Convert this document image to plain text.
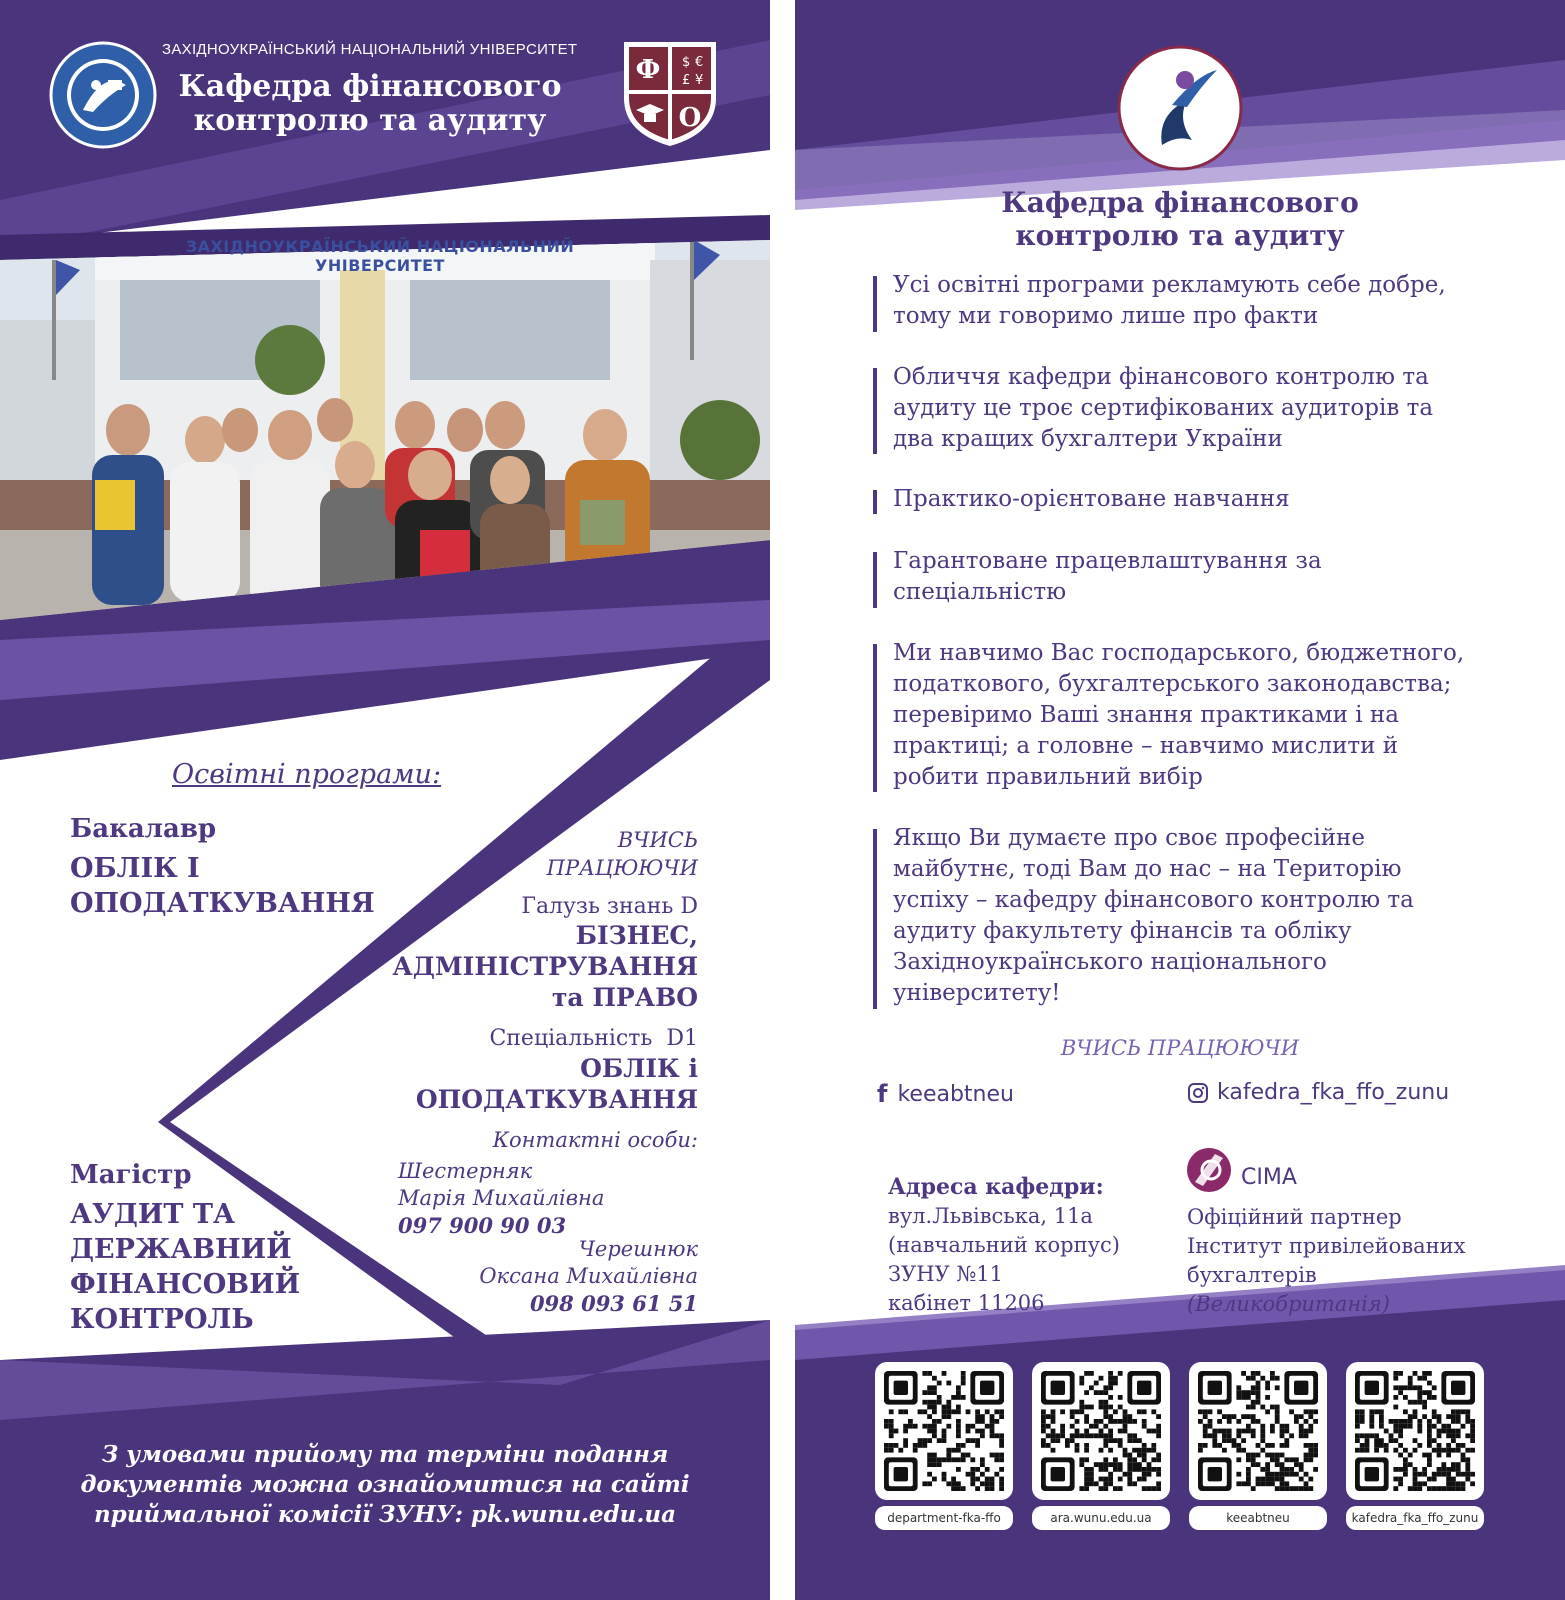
ЗАХІДНОУКРАЇНСЬКИЙ НАЦІОНАЛЬНИЙ УНІВЕРСИТЕТ
ЗАХІДНОУКРАЇНСЬКИЙ НАЦІОНАЛЬНИЙ УНІВЕРСИТЕТ
Кафедра фінансового
контролю та аудиту
Ф
О
$ €
£ ¥
Освітні програми:
Бакалавр
ОБЛІК І
ОПОДАТКУВАННЯ
Магістр
АУДИТ ТА
ДЕРЖАВНИЙ
ФІНАНСОВИЙ
КОНТРОЛЬ
ВЧИСЬ
ПРАЦЮЮЧИ
Галузь знань D
БІЗНЕС,
АДМІНІСТРУВАННЯ
та ПРАВО
Спеціальність  D1
ОБЛІК і
ОПОДАТКУВАННЯ
Контактні особи:
Шестерняк
Марія Михайлівна
097 900 90 03
Черешнюк
Оксана Михайлівна
098 093 61 51
З умовами прийому та терміни подання
документів можна ознайомитися на сайті
приймальної комісії ЗУНУ: pk.wunu.edu.ua
Кафедра фінансового
контролю та аудиту
Усі освітні програми рекламують себе добре,
тому ми говоримо лише про факти
Обличчя кафедри фінансового контролю та
аудиту це троє сертифікованих аудиторів та
два кращих бухгалтери України
Практико-орієнтоване навчання
Гарантоване працевлаштування за
спеціальністю
Ми навчимо Вас господарського, бюджетного,
податкового, бухгалтерського законодавства;
перевіримо Ваші знання практиками і на
практиці; а головне – навчимо мислити й
робити правильний вибір
Якщо Ви думаєте про своє професійне
майбутнє, тоді Вам до нас – на Територію
успіху – кафедру фінансового контролю та
аудиту факультету фінансів та обліку
Західноукраїнського національного
університету!
ВЧИСЬ ПРАЦЮЮЧИ
f keeabtneu	kafedra_fka_ffo_zunu
Адреса кафедри:
вул.Львівська, 11а
(навчальний корпус)
ЗУНУ №11
кабінет 11206
CIMA
Офіційний партнер
Інститут привілейованих
бухгалтерів
(Великобританія)
department-fka-ffo	ara.wunu.edu.ua	keeabtneu	kafedra_fka_ffo_zunu
